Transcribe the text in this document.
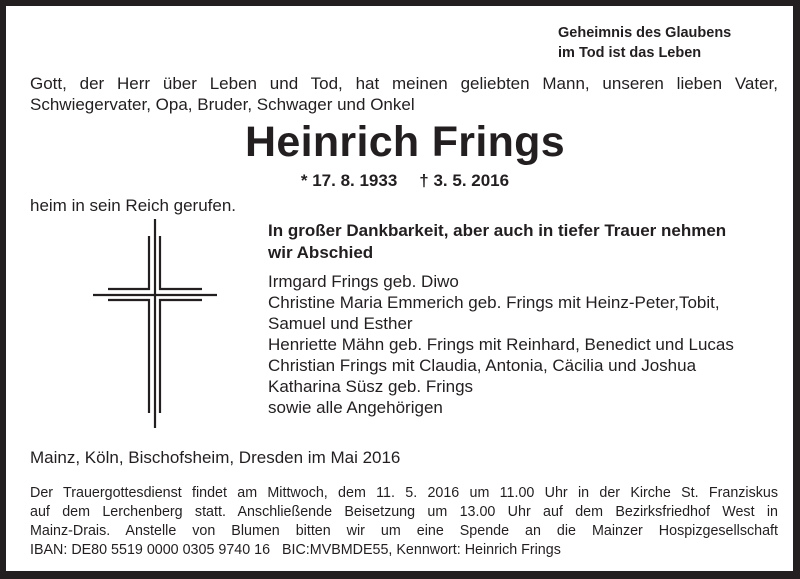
Geheimnis des Glaubens
im Tod ist das Leben
Gott, der Herr über Leben und Tod, hat meinen geliebten Mann, unseren lieben Vater,
Schwiegervater, Opa, Bruder, Schwager und Onkel
Heinrich Frings
* 17. 8. 1933 † 3. 5. 2016
heim in sein Reich gerufen.
In großer Dankbarkeit, aber auch in tiefer Trauer nehmen
wir Abschied
Irmgard Frings geb. Diwo
Christine Maria Emmerich geb. Frings mit Heinz-Peter,Tobit,
Samuel und Esther
Henriette Mähn geb. Frings mit Reinhard, Benedict und Lucas
Christian Frings mit Claudia, Antonia, Cäcilia und Joshua
Katharina Süsz geb. Frings
sowie alle Angehörigen
Mainz, Köln, Bischofsheim, Dresden im Mai 2016
Der Trauergottesdienst findet am Mittwoch, dem 11. 5. 2016 um 11.00 Uhr in der Kirche St. Franziskus
auf dem Lerchenberg statt. Anschließende Beisetzung um 13.00 Uhr auf dem Bezirksfriedhof West in
Mainz-Drais. Anstelle von Blumen bitten wir um eine Spende an die Mainzer Hospizgesellschaft
IBAN: DE80 5519 0000 0305 9740 16   BIC:MVBMDE55, Kennwort: Heinrich Frings
